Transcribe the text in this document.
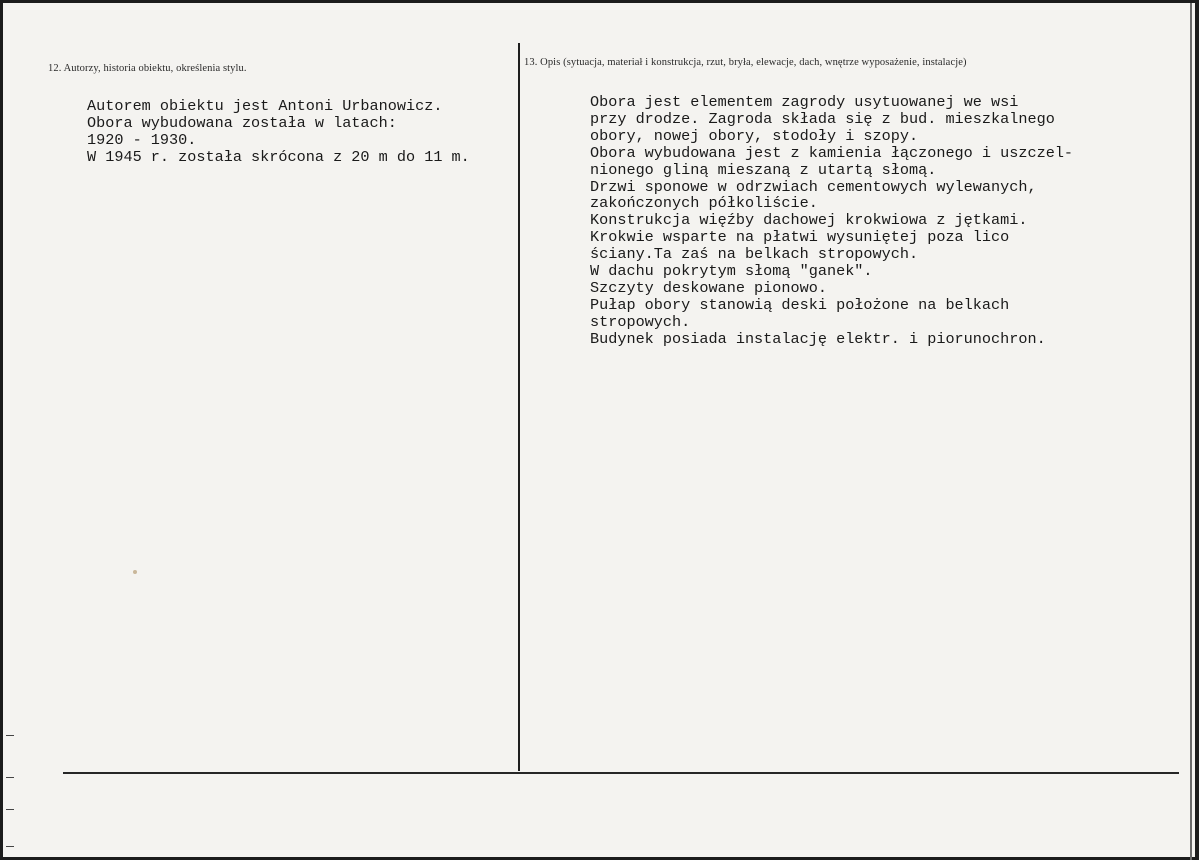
12. Autorzy, historia obiektu, określenia stylu.
13. Opis (sytuacja, materiał i konstrukcja, rzut, bryła, elewacje, dach, wnętrze wyposażenie, instalacje)
Autorem obiektu jest Antoni Urbanowicz.
Obora wybudowana została w latach:
1920 - 1930.
W 1945 r. została skrócona z 20 m do 11 m.
Obora jest elementem zagrody usytuowanej we wsi
przy drodze. Zagroda składa się z bud. mieszkalnego
obory, nowej obory, stodoły i szopy.
Obora wybudowana jest z kamienia łączonego i uszczel-
nionego gliną mieszaną z utartą słomą.
Drzwi sponowe w odrzwiach cementowych wylewanych,
zakończonych półkoliście.
Konstrukcja więźby dachowej krokwiowa z jętkami.
Krokwie wsparte na płatwi wysuniętej poza lico
ściany.Ta zaś na belkach stropowych.
W dachu pokrytym słomą "ganek".
Szczyty deskowane pionowo.
Pułap obory stanowią deski położone na belkach
stropowych.
Budynek posiada instalację elektr. i piorunochron.
